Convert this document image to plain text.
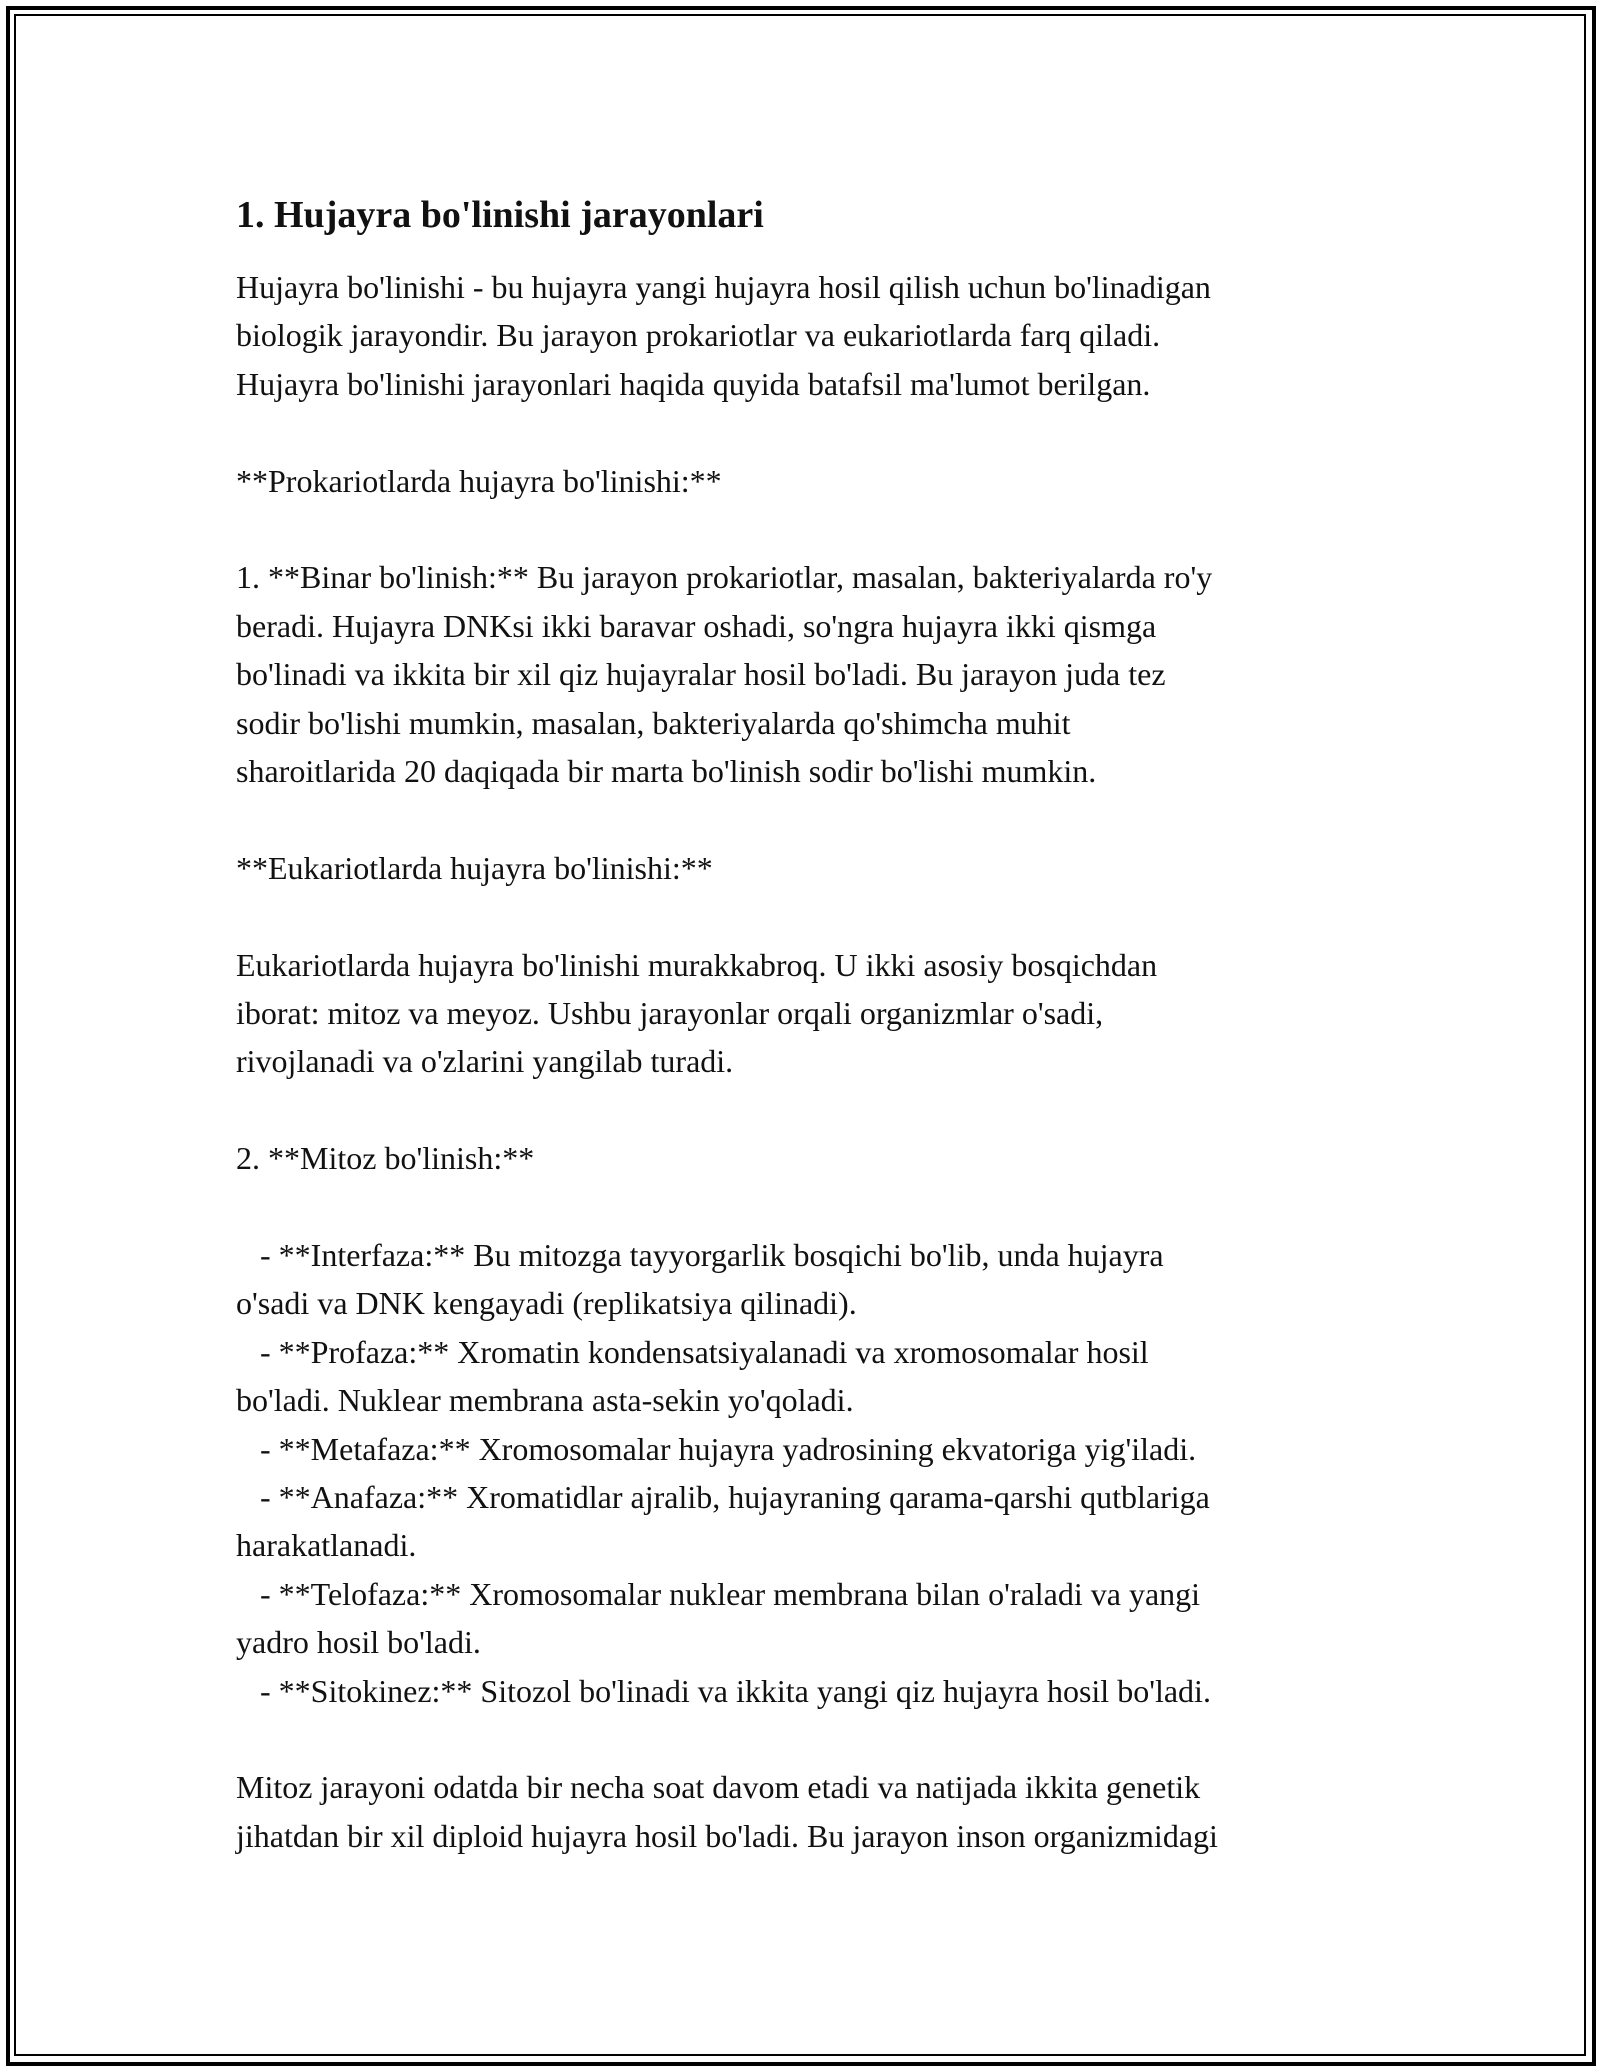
1. Hujayra bo'linishi jarayonlari
Hujayra bo'linishi - bu hujayra yangi hujayra hosil qilish uchun bo'linadigan
biologik jarayondir. Bu jarayon prokariotlar va eukariotlarda farq qiladi.
Hujayra bo'linishi jarayonlari haqida quyida batafsil ma'lumot berilgan.
**Prokariotlarda hujayra bo'linishi:**
1. **Binar bo'linish:** Bu jarayon prokariotlar, masalan, bakteriyalarda ro'y
beradi. Hujayra DNKsi ikki baravar oshadi, so'ngra hujayra ikki qismga
bo'linadi va ikkita bir xil qiz hujayralar hosil bo'ladi. Bu jarayon juda tez
sodir bo'lishi mumkin, masalan, bakteriyalarda qo'shimcha muhit
sharoitlarida 20 daqiqada bir marta bo'linish sodir bo'lishi mumkin.
**Eukariotlarda hujayra bo'linishi:**
Eukariotlarda hujayra bo'linishi murakkabroq. U ikki asosiy bosqichdan
iborat: mitoz va meyoz. Ushbu jarayonlar orqali organizmlar o'sadi,
rivojlanadi va o'zlarini yangilab turadi.
2. **Mitoz bo'linish:**
- **Interfaza:** Bu mitozga tayyorgarlik bosqichi bo'lib, unda hujayra
o'sadi va DNK kengayadi (replikatsiya qilinadi).
- **Profaza:** Xromatin kondensatsiyalanadi va xromosomalar hosil
bo'ladi. Nuklear membrana asta-sekin yo'qoladi.
- **Metafaza:** Xromosomalar hujayra yadrosining ekvatoriga yig'iladi.
- **Anafaza:** Xromatidlar ajralib, hujayraning qarama-qarshi qutblariga
harakatlanadi.
- **Telofaza:** Xromosomalar nuklear membrana bilan o'raladi va yangi
yadro hosil bo'ladi.
- **Sitokinez:** Sitozol bo'linadi va ikkita yangi qiz hujayra hosil bo'ladi.
Mitoz jarayoni odatda bir necha soat davom etadi va natijada ikkita genetik
jihatdan bir xil diploid hujayra hosil bo'ladi. Bu jarayon inson organizmidagi
